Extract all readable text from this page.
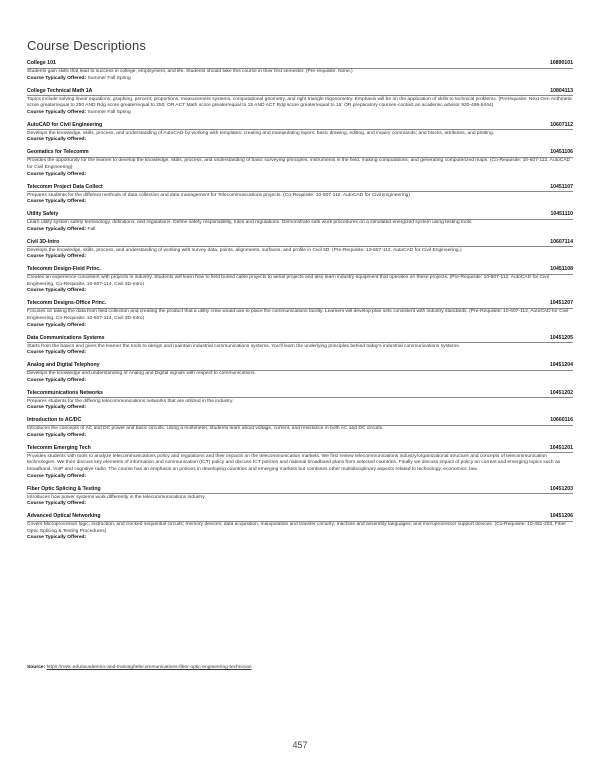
Course Descriptions
College 101	10890101
Students gain skills that lead to success in college, employment, and life. Students should take this course in their first semester. (Pre-requisite: None.)
Course Typically Offered: Summer Fall Spring
College Technical Math 1A	10804113
Topics include solving linear equations; graphing, percent; proportions, measurement systems, computational geometry, and right triangle trigonometry. Emphasis will be on the application of skills to technical problems. (Prerequisite: Next Gen Arithmetic score greater/equal to 250 AND Rdg score greater/equal to 250; OR ACT Math score greater/equal to 15 AND ACT Rdg score greater/equal to 16; OR preparatory courses-contact an academic advisor 920-498-5444)
Course Typically Offered: Summer Fall Spring
AutoCAD for Civil Engineering	10607112
Develops the knowledge, skills, process, and understanding of AutoCAD by working with templates; creating and manipulating layers; basic drawing, editing, and inquiry commands; and blocks, attributes, and plotting.
Course Typically Offered:
Geomatics for Telecomm	10451106
Provides the opportunity for the learner to develop the knowledge, skills, process, and understanding of basic surveying principles, instruments in the field, making computations, and generating computerized maps. (Co-Requisite: 10-607-112, AutoCAD for Civil Engineering)
Course Typically Offered:
Telecomm Project Data Collect	10451107
Prepares students for the different methods of data collection and data management for Telecommunications projects. (Co-Requisite: 10-607-112, AutoCAD for Civil Engineering)
Course Typically Offered:
Utility Safety	10451110
Learn utility system safety terminology, definitions, and regulations. Define safety responsibility, rules and regulations. Demonstrate safe work procedures on a simulated energized system using testing tools.
Course Typically Offered: Fall
Civil 3D-Intro	10607114
Develops the knowledge, skills, process, and understanding of working with survey data, points, alignments, surfaces, and profile in Civil 3D. (Pre-Requisite: 10-607-112, AutoCAD for Civil Engineering.)
Course Typically Offered:
Telecomm Design-Field Princ.	10451108
Creates an experience consistent with projects in industry. Students will learn how to field buried cable projects to aerial projects and also learn industry equipment that operates on these projects. (Pre-Requisite: 10-607-112, AutoCAD for Civil Engineering, Co-Requisite, 10-607-114, Civil 3D-Intro)
Course Typically Offered:
Telecomm Designs-Office Princ.	10451207
Focuses on taking the data from field collection and creating the product that a utility crew would use to place the communications facility. Learners will develop plan sets consistent with industry standards. (Pre-Requisite: 10-607-112, AutoCAD for Civil Engineering. Co-Requisite: 10-607-114, Civil 3D-Intro)
Course Typically Offered:
Data Communications Systems	10451205
Starts from the basics and gives the learner the tools to design and maintain industrial communications systems. You'll learn the underlying principles behind today's industrial communications systems.
Course Typically Offered:
Analog and Digital Telephony	10451204
Develops the knowledge and understanding of Analog and Digital signals with respect to communications.
Course Typically Offered:
Telecommunications Networks	10451202
Prepares students for the differing telecommunications networks that are utilized in the industry.
Course Typically Offered:
Introduction to AC/DC	10660116
Introduces the concepts of AC and DC power and basic circuits. Using a multimeter, students learn about voltage, current, and resistance in both AC and DC circuits.
Course Typically Offered:
Telecomm Emerging Tech	10451201
Provides students with tools to analyze telecommunications policy and regulations and their impacts on the telecommunication markets. We first review telecommunications industry/organizational structure and concepts of telecommunication technologies. We then discuss key elements of information and communication (ICT) policy and discuss ICT policies and national broadband plans from selected countries. Finally we discuss impact of policy on current and emerging topics such as broadband, VoIP and cognitive radio. The course has an emphasis on policies in developing countries and emerging markets but combines other multidisciplinary aspects related to technology, economics, law.
Course Typically Offered:
Fiber Optic Splicing & Testing	10451203
Introduces how power systems work differently in the telecommunications industry.
Course Typically Offered:
Advanced Optical Networking	10451206
Covers Microprocessor logic, instruction, and clocked sequential circuits; memory devices; data acquisition, manipulation and transfer circuitry; machine and assembly languages; and microprocessor support devices. (Co-Requisite: 10-451-203, Fiber Optic Splicing & Testing Procedures)
Course Typically Offered:
Source: https://nwtc.edu/academics-and-training/telecommunications-fiber-optic-engineering-technician
457
